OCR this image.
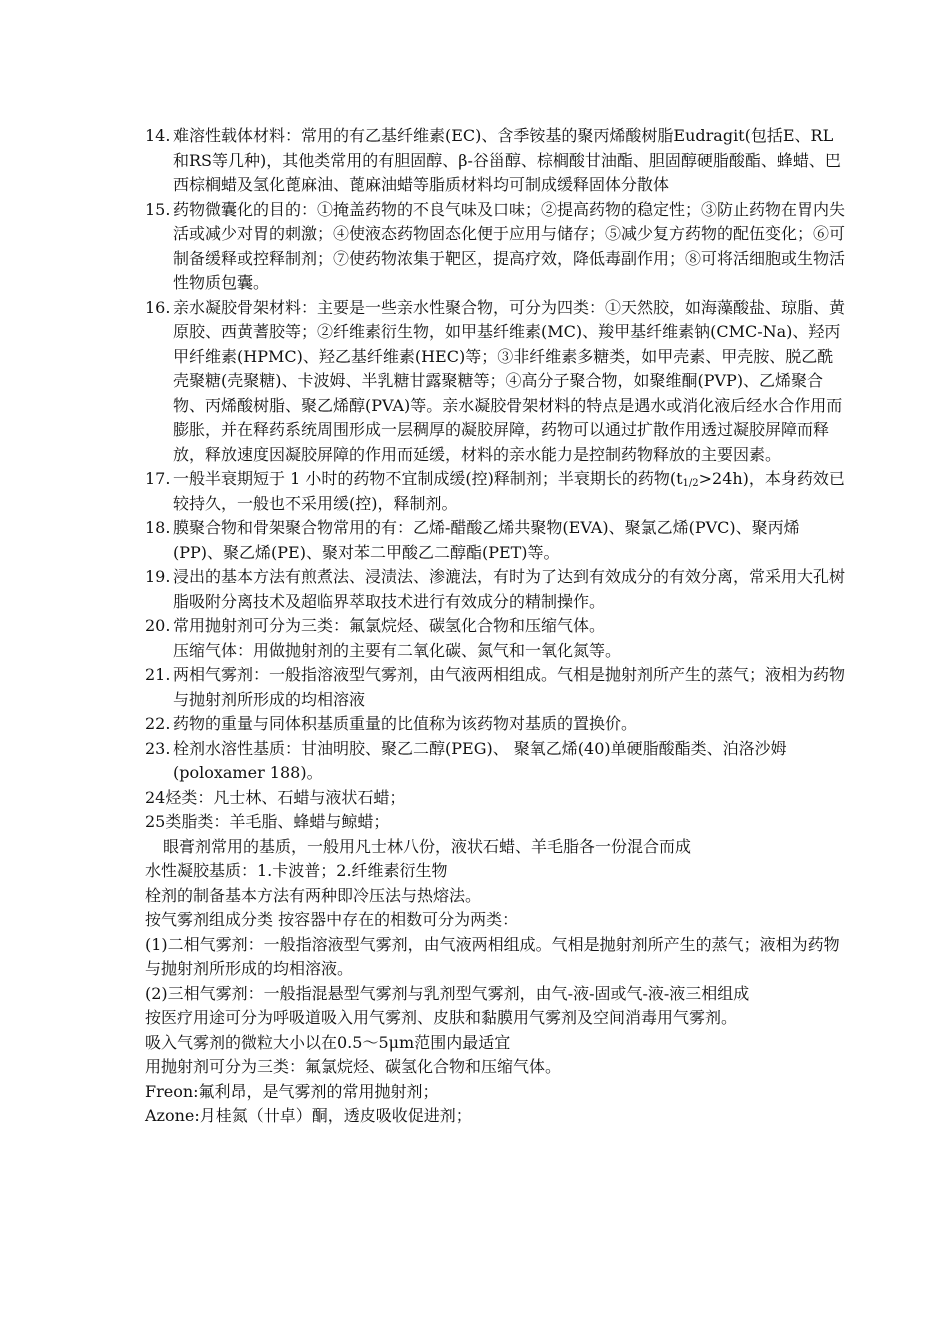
14. 难溶性载体材料：常用的有乙基纤维素(EC)、含季铵基的聚丙烯酸树脂Eudragit(包括E、RL和RS等几种)，其他类常用的有胆固醇、β-谷甾醇、棕榈酸甘油酯、胆固醇硬脂酸酯、蜂蜡、巴西棕榈蜡及氢化蓖麻油、蓖麻油蜡等脂质材料均可制成缓释固体分散体
15. 药物微囊化的目的：①掩盖药物的不良气味及口味；②提高药物的稳定性；③防止药物在胃内失活或减少对胃的刺激；④使液态药物固态化便于应用与储存；⑤减少复方药物的配伍变化；⑥可制备缓释或控释制剂；⑦使药物浓集于靶区，提高疗效，降低毒副作用；⑧可将活细胞或生物活性物质包囊。
16. 亲水凝胶骨架材料：主要是一些亲水性聚合物，可分为四类：①天然胶，如海藻酸盐、琼脂、黄原胶、西黄蓍胶等；②纤维素衍生物，如甲基纤维素(MC)、羧甲基纤维素钠(CMC-Na)、羟丙甲纤维素(HPMC)、羟乙基纤维素(HEC)等；③非纤维素多糖类，如甲壳素、甲壳胺、脱乙酰壳聚糖(壳聚糖)、卡波姆、半乳糖甘露聚糖等；④高分子聚合物，如聚维酮(PVP)、乙烯聚合物、丙烯酸树脂、聚乙烯醇(PVA)等。亲水凝胶骨架材料的特点是遇水或消化液后经水合作用而膨胀，并在释药系统周围形成一层稠厚的凝胶屏障，药物可以通过扩散作用透过凝胶屏障而释放，释放速度因凝胶屏障的作用而延缓，材料的亲水能力是控制药物释放的主要因素。
17. 一般半衰期短于 1 小时的药物不宜制成缓(控)释制剂；半衰期长的药物$(t_{1/2}>24h)$，本身药效已较持久，一般也不采用缓(控)，释制剂。
18. 膜聚合物和骨架聚合物常用的有：乙烯-醋酸乙烯共聚物(EVA)、聚氯乙烯(PVC)、聚丙烯(PP)、聚乙烯(PE)、聚对苯二甲酸乙二醇酯(PET)等。
19. 浸出的基本方法有煎煮法、浸渍法、渗漉法，有时为了达到有效成分的有效分离，常采用大孔树脂吸附分离技术及超临界萃取技术进行有效成分的精制操作。
20. 常用抛射剂可分为三类：氟氯烷烃、碳氢化合物和压缩气体。

压缩气体：用做抛射剂的主要有二氧化碳、氮气和一氧化氮等。

21. 两相气雾剂：一般指溶液型气雾剂，由气液两相组成。气相是抛射剂所产生的蒸气；液相为药物与抛射剂所形成的均相溶液
22. 药物的重量与同体积基质重量的比值称为该药物对基质的置换价。
23. 栓剂水溶性基质：甘油明胶、聚乙二醇(PEG)、 聚氧乙烯(40)单硬脂酸酯类、泊洛沙姆(poloxamer 188)。

24烃类：凡士林、石蜡与液状石蜡；

25类脂类：羊毛脂、蜂蜡与鲸蜡；

眼膏剂常用的基质，一般用凡士林八份，液状石蜡、羊毛脂各一份混合而成

水性凝胶基质：1.卡波普；2.纤维素衍生物

栓剂的制备基本方法有两种即冷压法与热熔法。

按气雾剂组成分类 按容器中存在的相数可分为两类：

(1)二相气雾剂：一般指溶液型气雾剂，由气液两相组成。气相是抛射剂所产生的蒸气；液相为药物与抛射剂所形成的均相溶液。

(2)三相气雾剂：一般指混悬型气雾剂与乳剂型气雾剂，由气-液-固或气-液-液三相组成

按医疗用途可分为呼吸道吸入用气雾剂、皮肤和黏膜用气雾剂及空间消毒用气雾剂。

吸入气雾剂的微粒大小以在0.5～5μm范围内最适宜

用抛射剂可分为三类：氟氯烷烃、碳氢化合物和压缩气体。

Freon:氟利昂，是气雾剂的常用抛射剂；

Azone:月桂氮（卄卓）酮，透皮吸收促进剂；
